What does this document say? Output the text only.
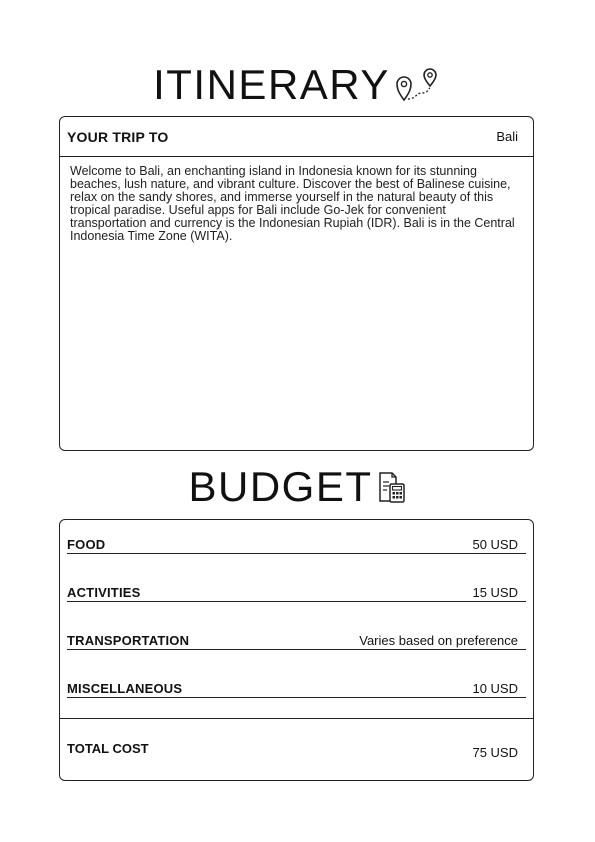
ITINERARY
YOUR TRIP TO	Bali
Welcome to Bali, an enchanting island in Indonesia known for its stunning beaches, lush nature, and vibrant culture. Discover the best of Balinese cuisine, relax on the sandy shores, and immerse yourself in the natural beauty of this tropical paradise. Useful apps for Bali include Go-Jek for convenient transportation and currency is the Indonesian Rupiah (IDR). Bali is in the Central Indonesia Time Zone (WITA).
BUDGET
FOOD	50 USD
ACTIVITIES	15 USD
TRANSPORTATION	Varies based on preference
MISCELLANEOUS	10 USD
TOTAL COST	75 USD
